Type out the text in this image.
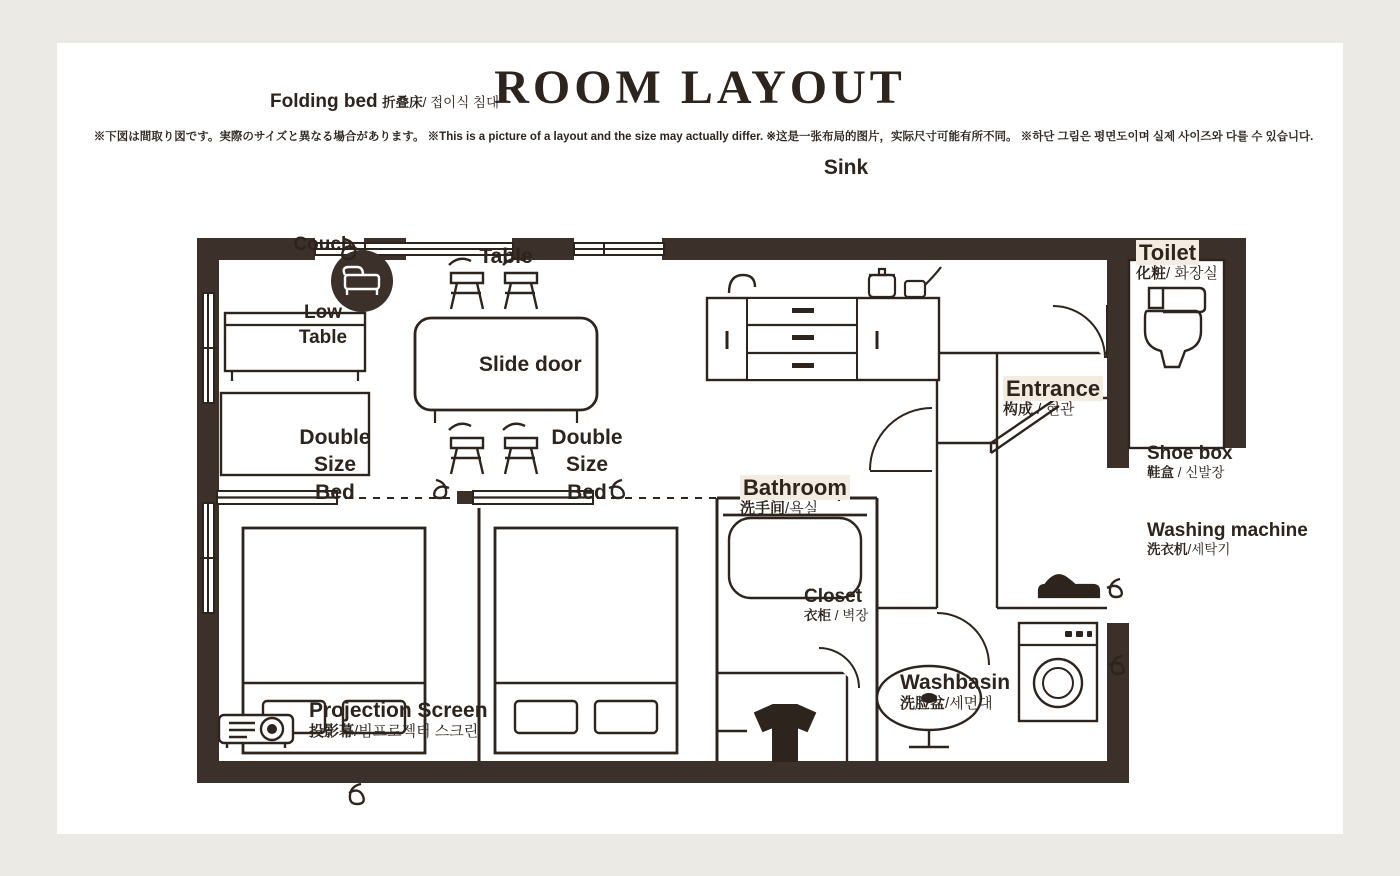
ROOM LAYOUT
※下図は間取り図です。実際のサイズと異なる場合があります。 ※This is a picture of a layout and the size may actually differ. ※这是一张布局的图片，实际尺寸可能有所不同。 ※하단 그림은 평면도이며 실제 사이즈와 다를 수 있습니다.
Folding bed 折叠床/ 접이식 침대
Couch
Low
Table
Table
Sink
Toilet
化粧/ 화장실
Entrance
构成 / 현관
Shoe box
鞋盒 / 신발장
Washing machine
洗衣机/세탁기
Slide door
Double
Size
Bed
Double
Size
Bed	Bathroom
洗手间/욕실
Closet
衣柜 / 벽장
Washbasin
洗脸盆/세면대
Projection Screen
投影幕/빔프로젝터 스크린
